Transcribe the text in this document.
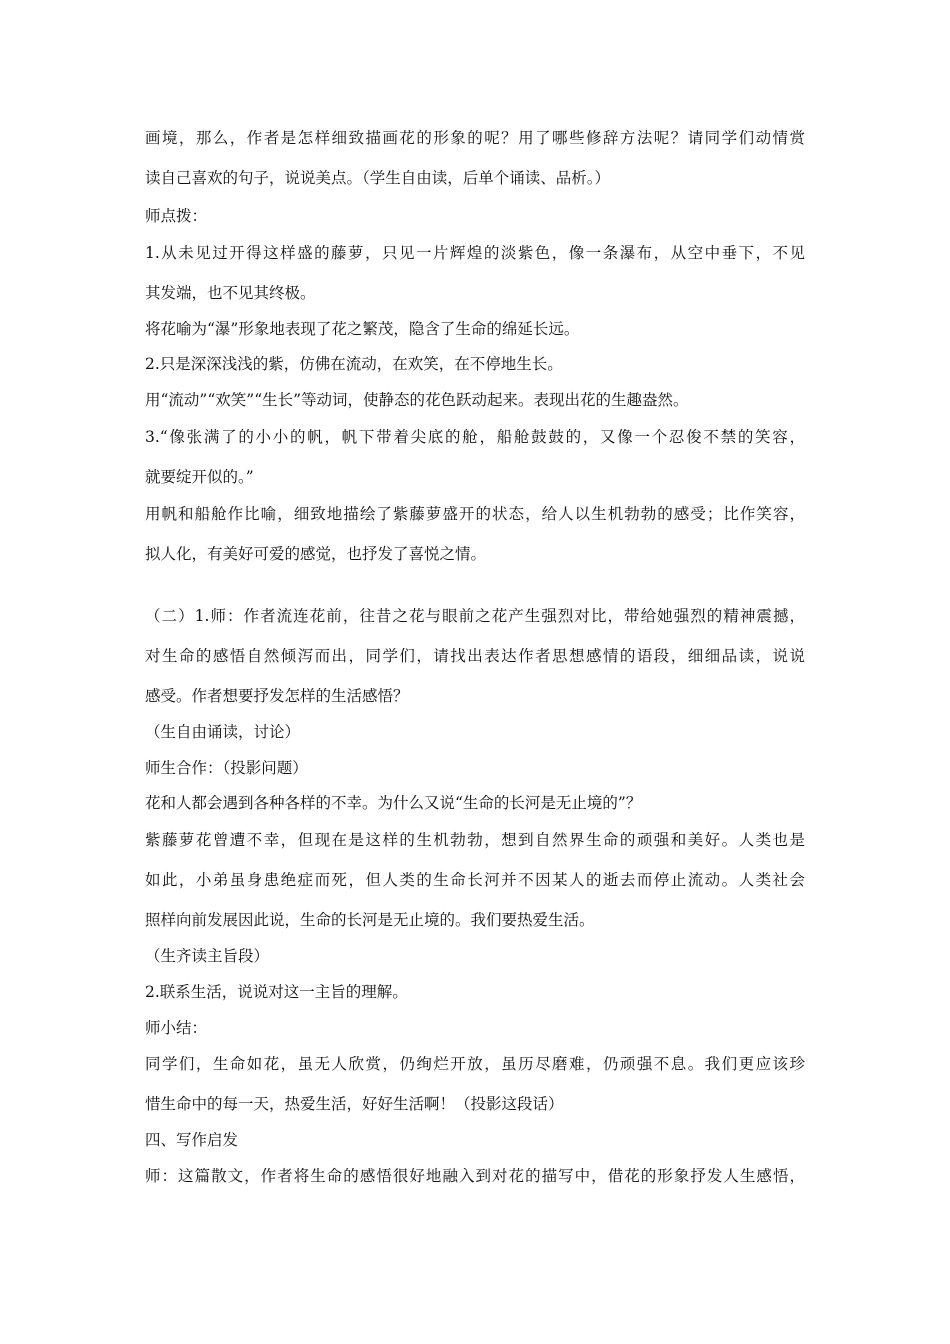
画境，那么，作者是怎样细致描画花的形象的呢？用了哪些修辞方法呢？请同学们动情赏

读自己喜欢的句子，说说美点。（学生自由读，后单个诵读、品析。）

师点拨：

1.从未见过开得这样盛的藤萝，只见一片辉煌的淡紫色，像一条瀑布，从空中垂下，不见

其发端，也不见其终极。

将花喻为“瀑”形象地表现了花之繁茂，隐含了生命的绵延长远。

2.只是深深浅浅的紫，仿佛在流动，在欢笑，在不停地生长。

用“流动”“欢笑”“生长”等动词，使静态的花色跃动起来。表现出花的生趣盎然。

3.“像张满了的小小的帆，帆下带着尖底的舱，船舱鼓鼓的，又像一个忍俊不禁的笑容，

就要绽开似的。”

用帆和船舱作比喻，细致地描绘了紫藤萝盛开的状态，给人以生机勃勃的感受；比作笑容，

拟人化，有美好可爱的感觉，也抒发了喜悦之情。

（二）1.师：作者流连花前，往昔之花与眼前之花产生强烈对比，带给她强烈的精神震撼，

对生命的感悟自然倾泻而出，同学们，请找出表达作者思想感情的语段，细细品读，说说

感受。作者想要抒发怎样的生活感悟？

（生自由诵读，讨论）

师生合作：（投影问题）

花和人都会遇到各种各样的不幸。为什么又说“生命的长河是无止境的”？

紫藤萝花曾遭不幸，但现在是这样的生机勃勃，想到自然界生命的顽强和美好。人类也是

如此，小弟虽身患绝症而死，但人类的生命长河并不因某人的逝去而停止流动。人类社会

照样向前发展因此说，生命的长河是无止境的。我们要热爱生活。

（生齐读主旨段）

2.联系生活，说说对这一主旨的理解。

师小结：

同学们，生命如花，虽无人欣赏，仍绚烂开放，虽历尽磨难，仍顽强不息。我们更应该珍

惜生命中的每一天，热爱生活，好好生活啊！（投影这段话）

四、写作启发

师：这篇散文，作者将生命的感悟很好地融入到对花的描写中，借花的形象抒发人生感悟，
